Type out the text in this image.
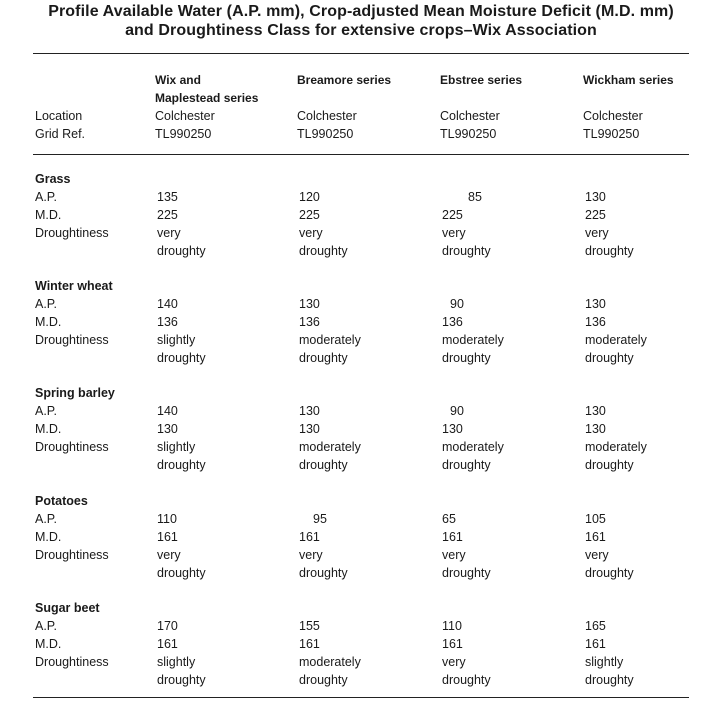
Profile Available Water (A.P. mm), Crop-adjusted Mean Moisture Deficit (M.D. mm)
and Droughtiness Class for extensive crops–Wix Association
Location
Grid Ref.
Wix and
Maplestead series
Colchester
TL990250
Breamore series
Colchester
TL990250
Ebstree series
Colchester
TL990250
Wickham series
Colchester
TL990250
Grass
A.P.
M.D.
Droughtiness
135
225
very
droughty
120
225
very
droughty
85
225
very
droughty
130
225
very
droughty
Winter wheat
A.P.
M.D.
Droughtiness
140
136
slightly
droughty
130
136
moderately
droughty
90
136
moderately
droughty
130
136
moderately
droughty
Spring barley
A.P.
M.D.
Droughtiness
140
130
slightly
droughty
130
130
moderately
droughty
90
130
moderately
droughty
130
130
moderately
droughty
Potatoes
A.P.
M.D.
Droughtiness
110
161
very
droughty
95
161
very
droughty
65
161
very
droughty
105
161
very
droughty
Sugar beet
A.P.
M.D.
Droughtiness
170
161
slightly
droughty
155
161
moderately
droughty
110
161
very
droughty
165
161
slightly
droughty
